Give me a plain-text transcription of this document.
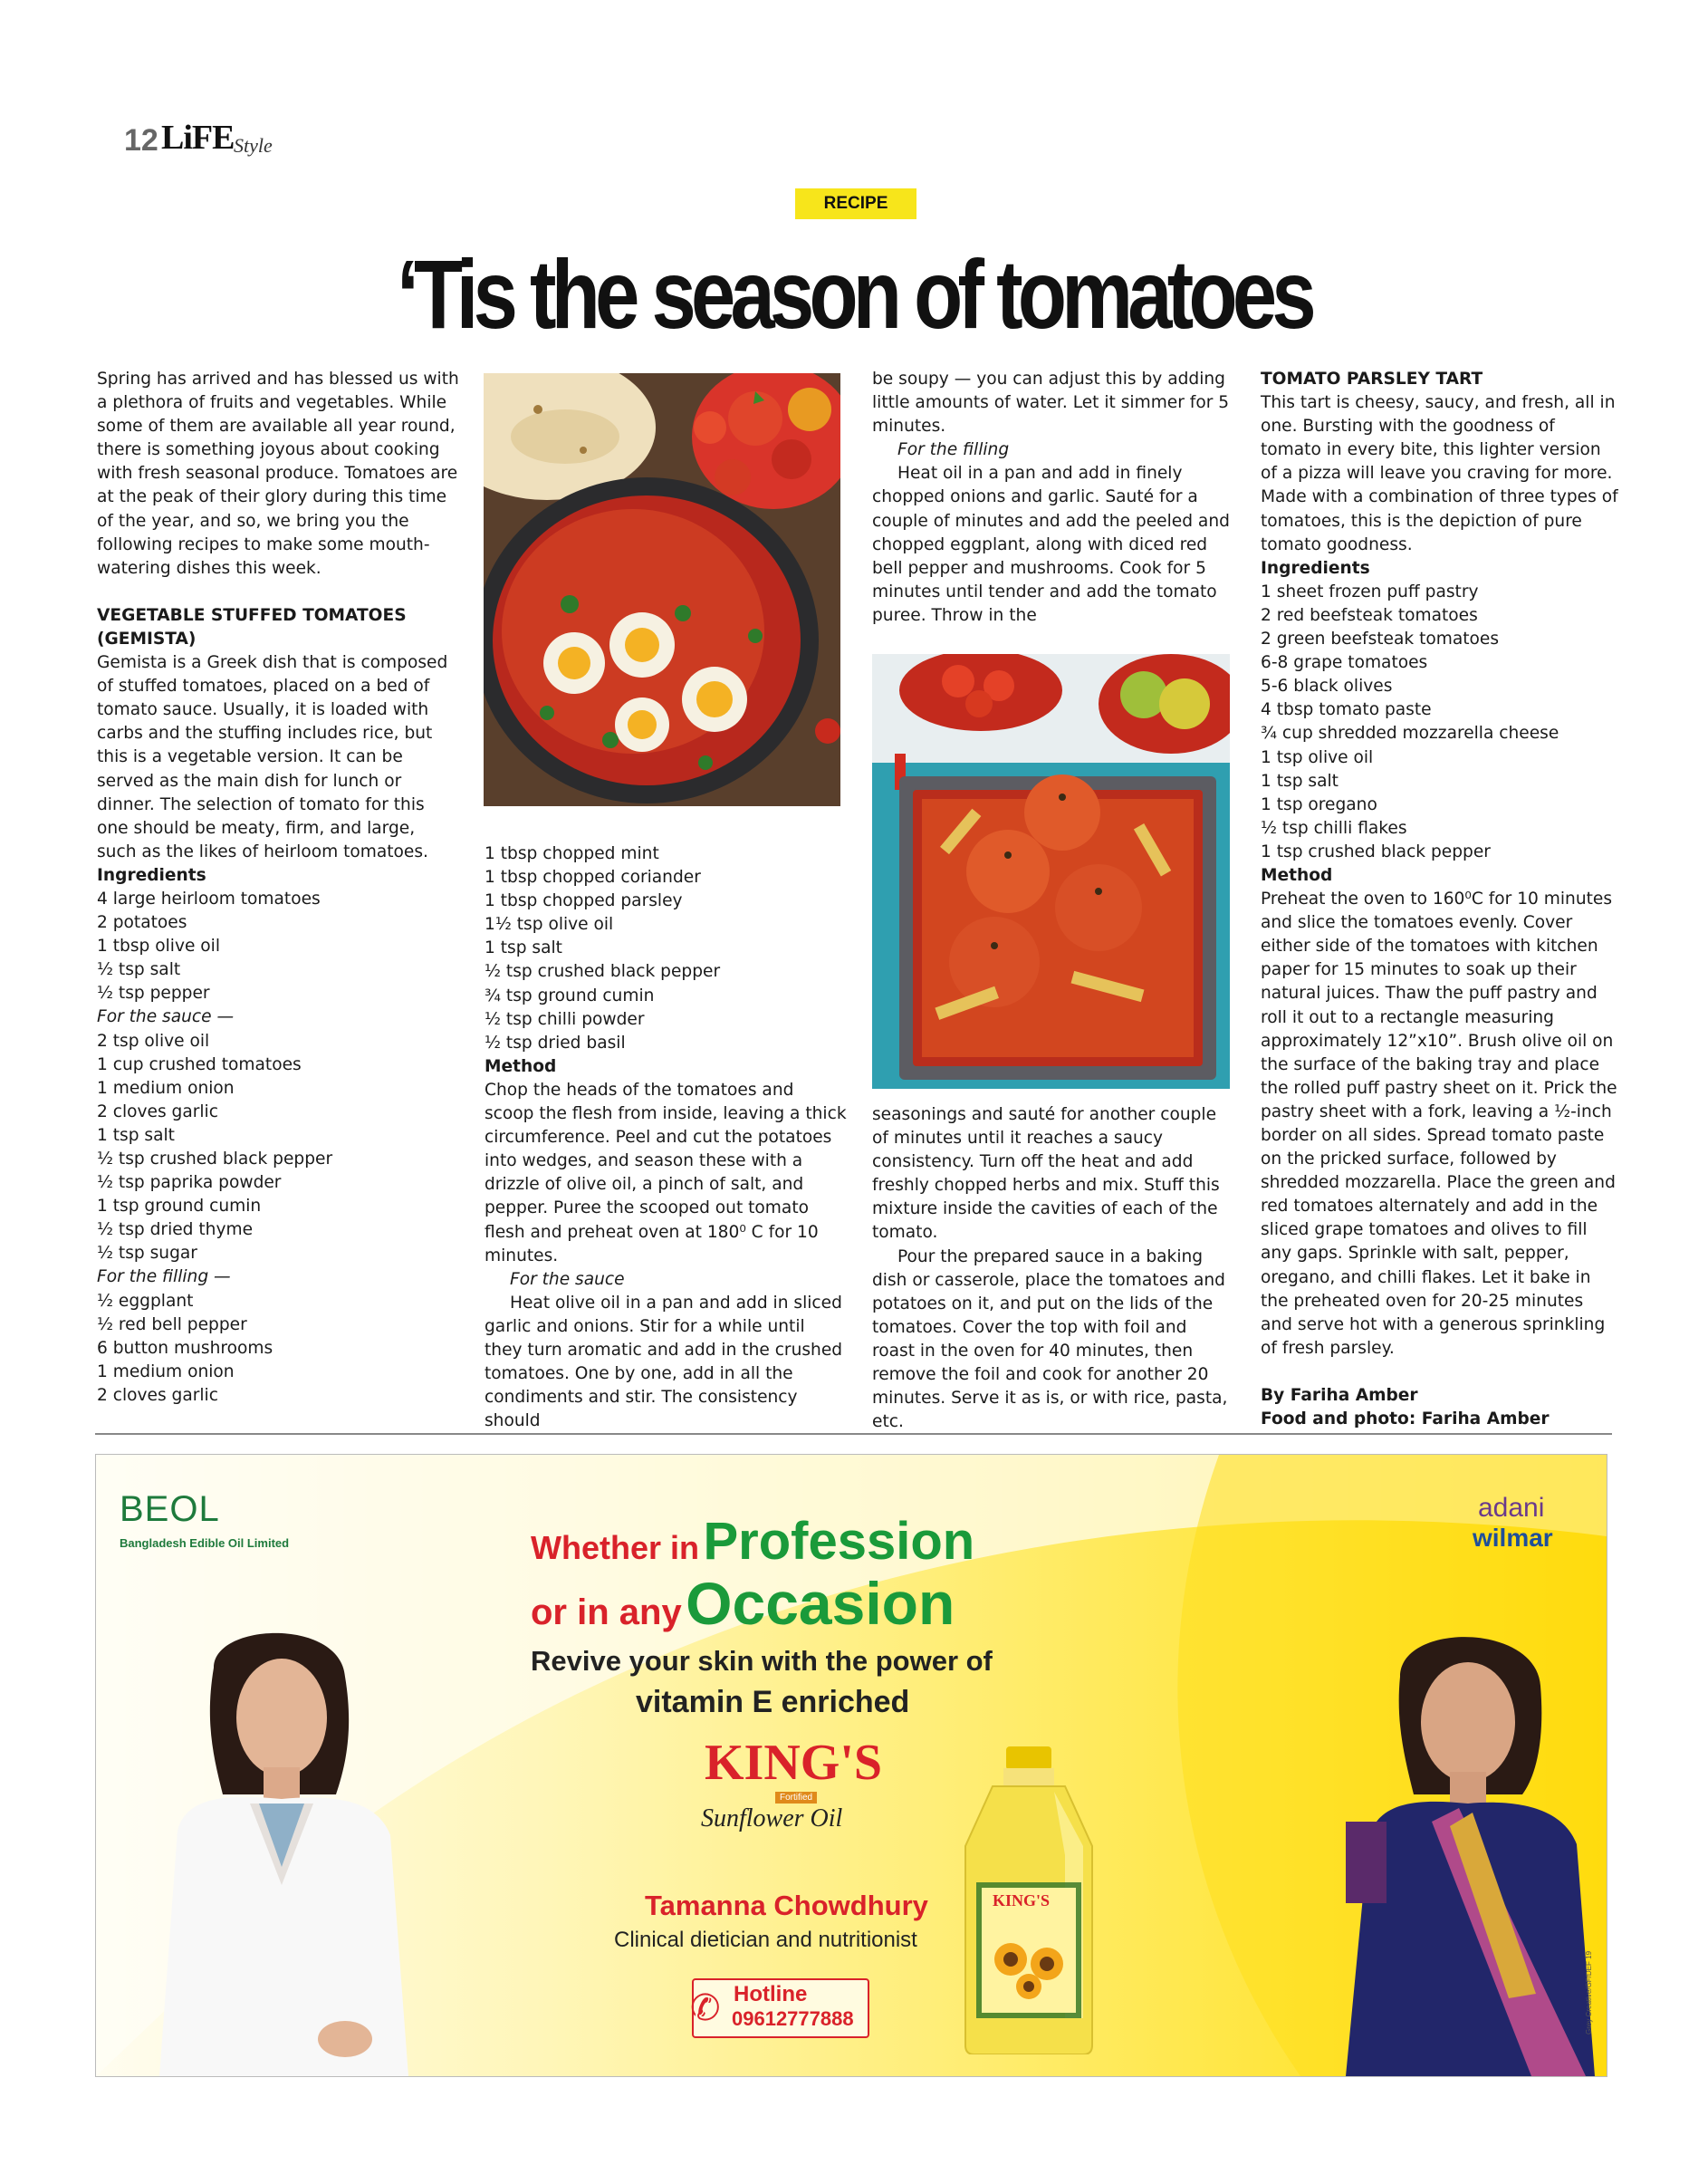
12 LiFE Style
RECIPE
‘Tis the season of tomatoes

Spring has arrived and has blessed us with a plethora of fruits and vegetables. While some of them are available all year round, there is something joyous about cooking with fresh seasonal produce. Tomatoes are at the peak of their glory during this time of the year, and so, we bring you the following recipes to make some mouth-watering dishes this week.

VEGETABLE STUFFED TOMATOES

(GEMISTA)

Gemista is a Greek dish that is composed of stuffed tomatoes, placed on a bed of tomato sauce. Usually, it is loaded with carbs and the stuffing includes rice, but this is a vegetable version. It can be served as the main dish for lunch or dinner. The selection of tomato for this one should be meaty, firm, and large, such as the likes of heirloom tomatoes.

Ingredients

4 large heirloom tomatoes
2 potatoes
1 tbsp olive oil
½ tsp salt
½ tsp pepper

For the sauce —

2 tsp olive oil
1 cup crushed tomatoes
1 medium onion
2 cloves garlic
1 tsp salt
½ tsp crushed black pepper
½ tsp paprika powder
1 tsp ground cumin
½ tsp dried thyme
½ tsp sugar

For the filling —

½ eggplant
½ red bell pepper
6 button mushrooms
1 medium onion
2 cloves garlic
1 tbsp chopped mint
1 tbsp chopped coriander
1 tbsp chopped parsley
1½ tsp olive oil
1 tsp salt
½ tsp crushed black pepper
¾ tsp ground cumin
½ tsp chilli powder
½ tsp dried basil

Method

Chop the heads of the tomatoes and scoop the flesh from inside, leaving a thick circumference. Peel and cut the potatoes into wedges, and season these with a drizzle of olive oil, a pinch of salt, and pepper. Puree the scooped out tomato flesh and preheat oven at 180⁰ C for 10 minutes.

For the sauce

Heat olive oil in a pan and add in sliced garlic and onions. Stir for a while until they turn aromatic and add in the crushed tomatoes. One by one, add in all the condiments and stir. The consistency should

be soupy — you can adjust this by adding little amounts of water. Let it simmer for 5 minutes.

For the filling

Heat oil in a pan and add in finely chopped onions and garlic. Sauté for a couple of minutes and add the peeled and chopped eggplant, along with diced red bell pepper and mushrooms. Cook for 5 minutes until tender and add the tomato puree. Throw in the

seasonings and sauté for another couple of minutes until it reaches a saucy consistency. Turn off the heat and add freshly chopped herbs and mix. Stuff this mixture inside the cavities of each of the tomato.

Pour the prepared sauce in a baking dish or casserole, place the tomatoes and potatoes on it, and put on the lids of the tomatoes. Cover the top with foil and roast in the oven for 40 minutes, then remove the foil and cook for another 20 minutes. Serve it as is, or with rice, pasta, etc.

TOMATO PARSLEY TART

This tart is cheesy, saucy, and fresh, all in one. Bursting with the goodness of tomato in every bite, this lighter version of a pizza will leave you craving for more. Made with a combination of three types of tomatoes, this is the depiction of pure tomato goodness.

Ingredients

1 sheet frozen puff pastry
2 red beefsteak tomatoes
2 green beefsteak tomatoes
6-8 grape tomatoes
5-6 black olives
4 tbsp tomato paste
¾ cup shredded mozzarella cheese
1 tsp olive oil
1 tsp salt
1 tsp oregano
½ tsp chilli flakes
1 tsp crushed black pepper

Method

Preheat the oven to 160⁰C for 10 minutes and slice the tomatoes evenly. Cover either side of the tomatoes with kitchen paper for 15 minutes to soak up their natural juices. Thaw the puff pastry and roll it out to a rectangle measuring approximately 12”x10”. Brush olive oil on the surface of the baking tray and place the rolled puff pastry sheet on it. Prick the pastry sheet with a fork, leaving a ½-inch border on all sides. Spread tomato paste on the pricked surface, followed by shredded mozzarella. Place the green and red tomatoes alternately and add in the sliced grape tomatoes and olives to fill any gaps. Sprinkle with salt, pepper, oregano, and chilli flakes. Let it bake in the preheated oven for 20-25 minutes and serve hot with a generous sprinkling of fresh parsley.

By Fariha Amber

Food and photo: Fariha Amber

BEOL
Bangladesh Edible Oil Limited
adani
wilmar
Whether in Profession
or in any Occasion
Revive your skin with the power of
vitamin E enriched
KING'S
Fortified
Sunflower Oil
Tamanna Chowdhury
Clinical dietician and nutritionist
✆ Hotline
09612777888
KING'S
Grey Creative/GF/DEF 19
